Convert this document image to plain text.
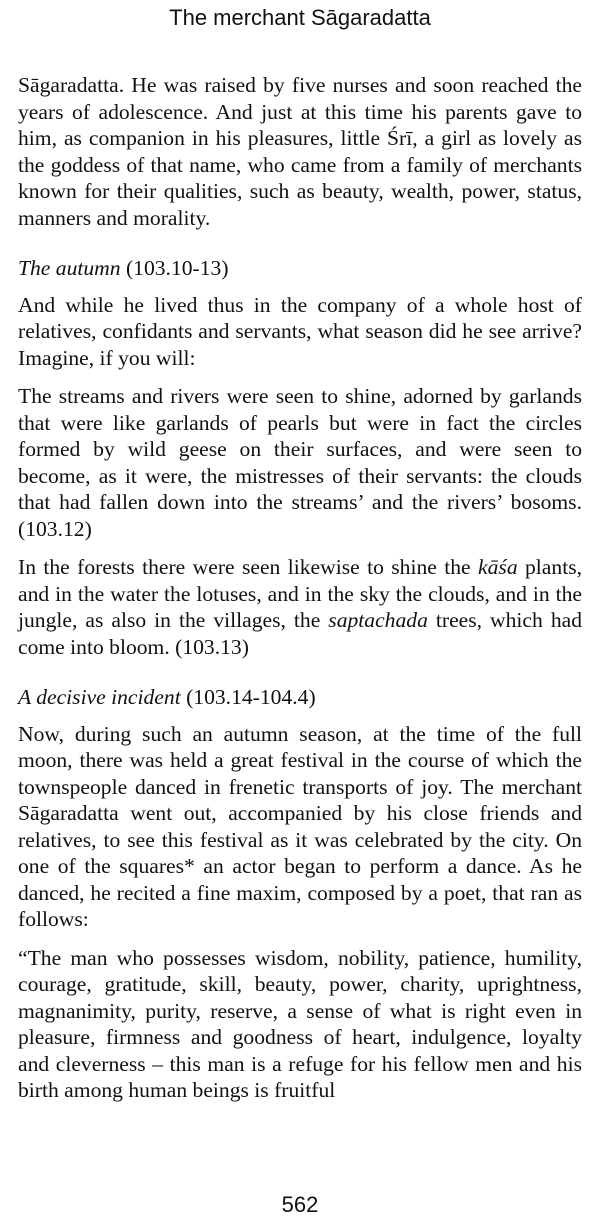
The merchant Sāgaradatta

Sāgaradatta. He was raised by five nurses and soon reached the years of adolescence. And just at this time his parents gave to him, as companion in his pleasures, little Śrī, a girl as lovely as the goddess of that name, who came from a family of merchants known for their qualities, such as beauty, wealth, power, status, manners and morality.

The autumn (103.10-13)

And while he lived thus in the company of a whole host of relatives, confidants and servants, what season did he see arrive? Imagine, if you will:

The streams and rivers were seen to shine, adorned by garlands that were like garlands of pearls but were in fact the circles formed by wild geese on their surfaces, and were seen to become, as it were, the mistresses of their servants: the clouds that had fallen down into the streams’ and the rivers’ bosoms. (103.12)

In the forests there were seen likewise to shine the kāśa plants, and in the water the lotuses, and in the sky the clouds, and in the jungle, as also in the villages, the saptachada trees, which had come into bloom. (103.13)

A decisive incident (103.14-104.4)

Now, during such an autumn season, at the time of the full moon, there was held a great festival in the course of which the townspeople danced in frenetic transports of joy. The merchant Sāgaradatta went out, accompanied by his close friends and relatives, to see this festival as it was celebrated by the city. On one of the squares* an actor began to perform a dance. As he danced, he recited a fine maxim, composed by a poet, that ran as follows:

“The man who possesses wisdom, nobility, patience, humility, courage, gratitude, skill, beauty, power, charity, uprightness, magnanimity, purity, reserve, a sense of what is right even in pleasure, firmness and goodness of heart, indulgence, loyalty and cleverness – this man is a refuge for his fellow men and his birth among human beings is fruitful

562
